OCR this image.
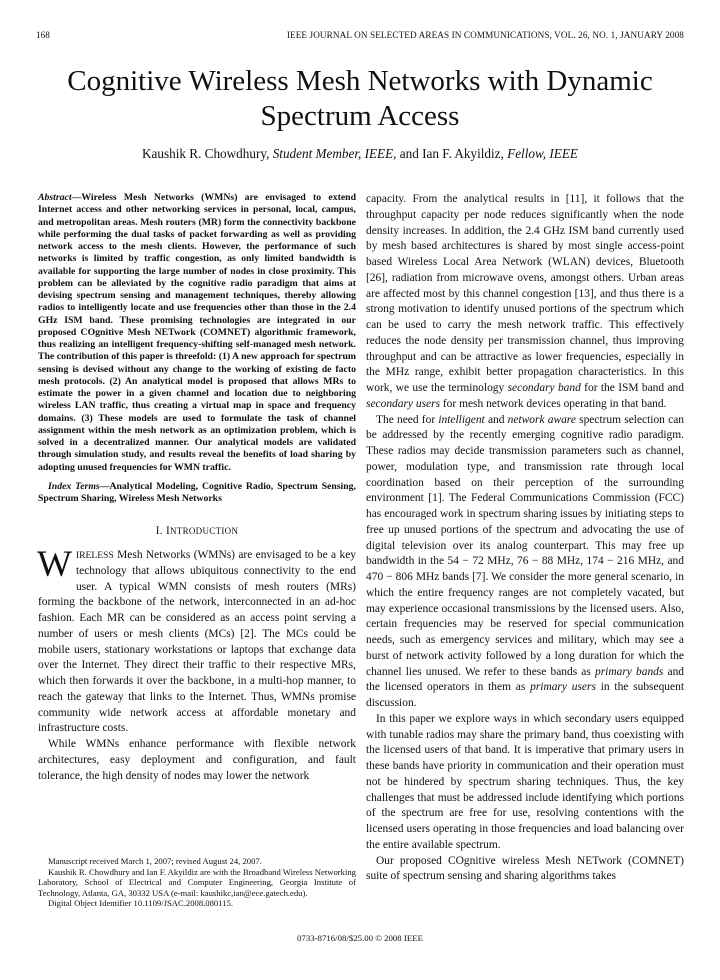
168	IEEE JOURNAL ON SELECTED AREAS IN COMMUNICATIONS, VOL. 26, NO. 1, JANUARY 2008
Cognitive Wireless Mesh Networks with Dynamic Spectrum Access
Kaushik R. Chowdhury, Student Member, IEEE, and Ian F. Akyildiz, Fellow, IEEE

Abstract—Wireless Mesh Networks (WMNs) are envisaged to extend Internet access and other networking services in personal, local, campus, and metropolitan areas. Mesh routers (MR) form the connectivity backbone while performing the dual tasks of packet forwarding as well as providing network access to the mesh clients. However, the performance of such networks is limited by traffic congestion, as only limited bandwidth is available for supporting the large number of nodes in close proximity. This problem can be alleviated by the cognitive radio paradigm that aims at devising spectrum sensing and management techniques, thereby allowing radios to intelligently locate and use frequencies other than those in the 2.4 GHz ISM band. These promising technologies are integrated in our proposed COgnitive Mesh NETwork (COMNET) algorithmic framework, thus realizing an intelligent frequency-shifting self-managed mesh network. The contribution of this paper is threefold: (1) A new approach for spectrum sensing is devised without any change to the working of existing de facto mesh protocols. (2) An analytical model is proposed that allows MRs to estimate the power in a given channel and location due to neighboring wireless LAN traffic, thus creating a virtual map in space and frequency domains. (3) These models are used to formulate the task of channel assignment within the mesh network as an optimization problem, which is solved in a decentralized manner. Our analytical models are validated through simulation study, and results reveal the benefits of load sharing by adopting unused frequencies for WMN traffic.

Index Terms—Analytical Modeling, Cognitive Radio, Spectrum Sensing, Spectrum Sharing, Wireless Mesh Networks

I. INTRODUCTION

WIRELESS Mesh Networks (WMNs) are envisaged to be a key technology that allows ubiquitous connectivity to the end user. A typical WMN consists of mesh routers (MRs) forming the backbone of the network, interconnected in an ad-hoc fashion. Each MR can be considered as an access point serving a number of users or mesh clients (MCs) [2]. The MCs could be mobile users, stationary workstations or laptops that exchange data over the Internet. They direct their traffic to their respective MRs, which then forwards it over the backbone, in a multi-hop manner, to reach the gateway that links to the Internet. Thus, WMNs promise community wide network access at affordable monetary and infrastructure costs.

While WMNs enhance performance with flexible network architectures, easy deployment and configuration, and fault tolerance, the high density of nodes may lower the network

Manuscript received March 1, 2007; revised August 24, 2007.

Kaushik R. Chowdhury and Ian F. Akyildiz are with the Broadband Wireless Networking Laboratory, School of Electrical and Computer Engineering, Georgia Institute of Technology, Atlanta, GA, 30332 USA (e-mail: kaushikc,ian@ece.gatech.edu).

Digital Object Identifier 10.1109/JSAC.2008.080115.

capacity. From the analytical results in [11], it follows that the throughput capacity per node reduces significantly when the node density increases. In addition, the 2.4 GHz ISM band currently used by mesh based architectures is shared by most single access-point based Wireless Local Area Network (WLAN) devices, Bluetooth [26], radiation from microwave ovens, amongst others. Urban areas are affected most by this channel congestion [13], and thus there is a strong motivation to identify unused portions of the spectrum which can be used to carry the mesh network traffic. This effectively reduces the node density per transmission channel, thus improving throughput and can be attractive as lower frequencies, especially in the MHz range, exhibit better propagation characteristics. In this work, we use the terminology secondary band for the ISM band and secondary users for mesh network devices operating in that band.

The need for intelligent and network aware spectrum selection can be addressed by the recently emerging cognitive radio paradigm. These radios may decide transmission parameters such as channel, power, modulation type, and transmission rate through local coordination based on their perception of the surrounding environment [1]. The Federal Communications Commission (FCC) has encouraged work in spectrum sharing issues by initiating steps to free up unused portions of the spectrum and advocating the use of digital television over its analog counterpart. This may free up bandwidth in the 54 − 72 MHz, 76 − 88 MHz, 174 − 216 MHz, and 470 − 806 MHz bands [7]. We consider the more general scenario, in which the entire frequency ranges are not completely vacated, but may experience occasional transmissions by the licensed users. Also, certain frequencies may be reserved for special communication needs, such as emergency services and military, which may see a burst of network activity followed by a long duration for which the channel lies unused. We refer to these bands as primary bands and the licensed operators in them as primary users in the subsequent discussion.

In this paper we explore ways in which secondary users equipped with tunable radios may share the primary band, thus coexisting with the licensed users of that band. It is imperative that primary users in these bands have priority in communication and their operation must not be hindered by spectrum sharing techniques. Thus, the key challenges that must be addressed include identifying which portions of the spectrum are free for use, resolving contentions with the licensed users operating in those frequencies and load balancing over the entire available spectrum.

Our proposed COgnitive wireless Mesh NETwork (COMNET) suite of spectrum sensing and sharing algorithms takes

0733-8716/08/$25.00 © 2008 IEEE
